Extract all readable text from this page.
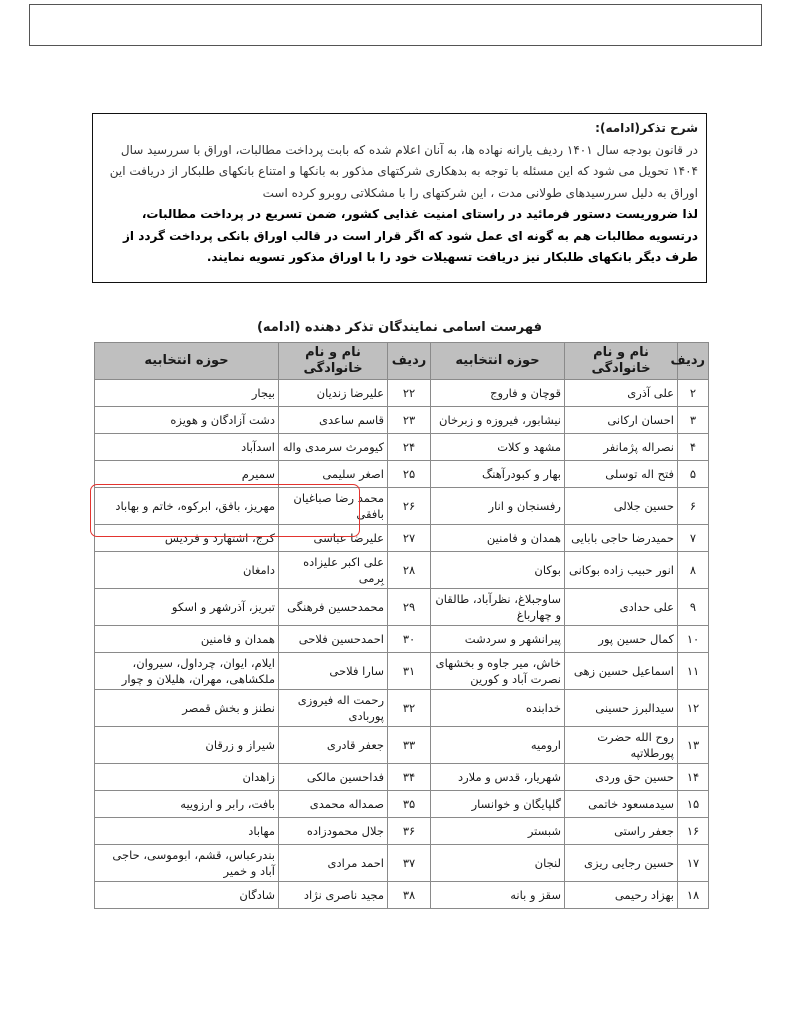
شرح تذکر(ادامه):
در قانون بودجه سال ۱۴۰۱ ردیف یارانه نهاده ها، به آنان اعلام شده که بابت پرداخت مطالبات، اوراق با سررسید سال ۱۴۰۴ تحویل می شود که این مسئله با توجه به بدهکاری شرکتهای مذکور به بانکها و امتناع بانکهای طلبکار از دریافت این اوراق به دلیل سررسیدهای طولانی مدت ، این شرکتهای را با مشکلاتی روبرو کرده است
لذا ضروریست دستور فرمائید در راستای امنیت غذایی کشور، ضمن تسریع در پرداخت مطالبات، درتسویه مطالبات هم به گونه ای عمل شود که اگر قرار است در قالب اوراق بانکی پرداخت گردد از طرف دیگر بانکهای طلبکار نیز دریافت تسهیلات خود را با اوراق مذکور تسویه نمایند.
فهرست اسامی نمایندگان تذکر دهنده (ادامه)
ردیف	نام و نام خانوادگی	حوزه انتخابیه	ردیف	نام و نام خانوادگی	حوزه انتخابیه
۲	علی آذری	قوچان و فاروج	۲۲	علیرضا زندیان	بیجار
۳	احسان ارکانی	نیشابور، فیروزه و زبرخان	۲۳	قاسم ساعدی	دشت آزادگان و هویزه
۴	نصراله پژمانفر	مشهد و کلات	۲۴	کیومرث سرمدی واله	اسدآباد
۵	فتح اله توسلی	بهار و کبودرآهنگ	۲۵	اصغر سلیمی	سمیرم
۶	حسین جلالی	رفسنجان و انار	۲۶	محمد رضا صباغیان بافقی	مهریز، بافق، ابرکوه، خاتم و بهاباد
۷	حمیدرضا حاجی بابایی	همدان و فامنین	۲۷	علیرضا عباسی	کرج، اشتهارد و فردیس
۸	انور حبیب زاده بوکانی	بوکان	۲۸	علی اکبر علیزاده بِرمی	دامغان
۹	علی حدادی	ساوجبلاغ، نظرآباد، طالقان و چهارباغ	۲۹	محمدحسین فرهنگی	تبریز، آذرشهر و اسکو
۱۰	کمال حسین پور	پیرانشهر و سردشت	۳۰	احمدحسین فلاحی	همدان و فامنین
۱۱	اسماعیل حسین زهی	خاش، میر جاوه و بخشهای نصرت آباد و کورین	۳۱	سارا فلاحی	ایلام، ایوان، چرداول، سیروان، ملکشاهی، مهران، هلیلان و چوار
۱۲	سیدالبرز حسینی	خدابنده	۳۲	رحمت اله فیروزی پوربادی	نطنز و بخش قمصر
۱۳	روح الله حضرت پورطلاتپه	ارومیه	۳۳	جعفر قادری	شیراز و زرقان
۱۴	حسین حق وردی	شهریار، قدس و ملارد	۳۴	فداحسین مالکی	زاهدان
۱۵	سیدمسعود خاتمی	گلپایگان و خوانسار	۳۵	صمداله محمدی	بافت، رابر و ارزوییه
۱۶	جعفر راستی	شبستر	۳۶	جلال محمودزاده	مهاباد
۱۷	حسین رجایی ریزی	لنجان	۳۷	احمد مرادی	بندرعباس، قشم، ابوموسی، حاجی آباد و خمیر
۱۸	بهزاد رحیمی	سقز و بانه	۳۸	مجید ناصری نژاد	شادگان
